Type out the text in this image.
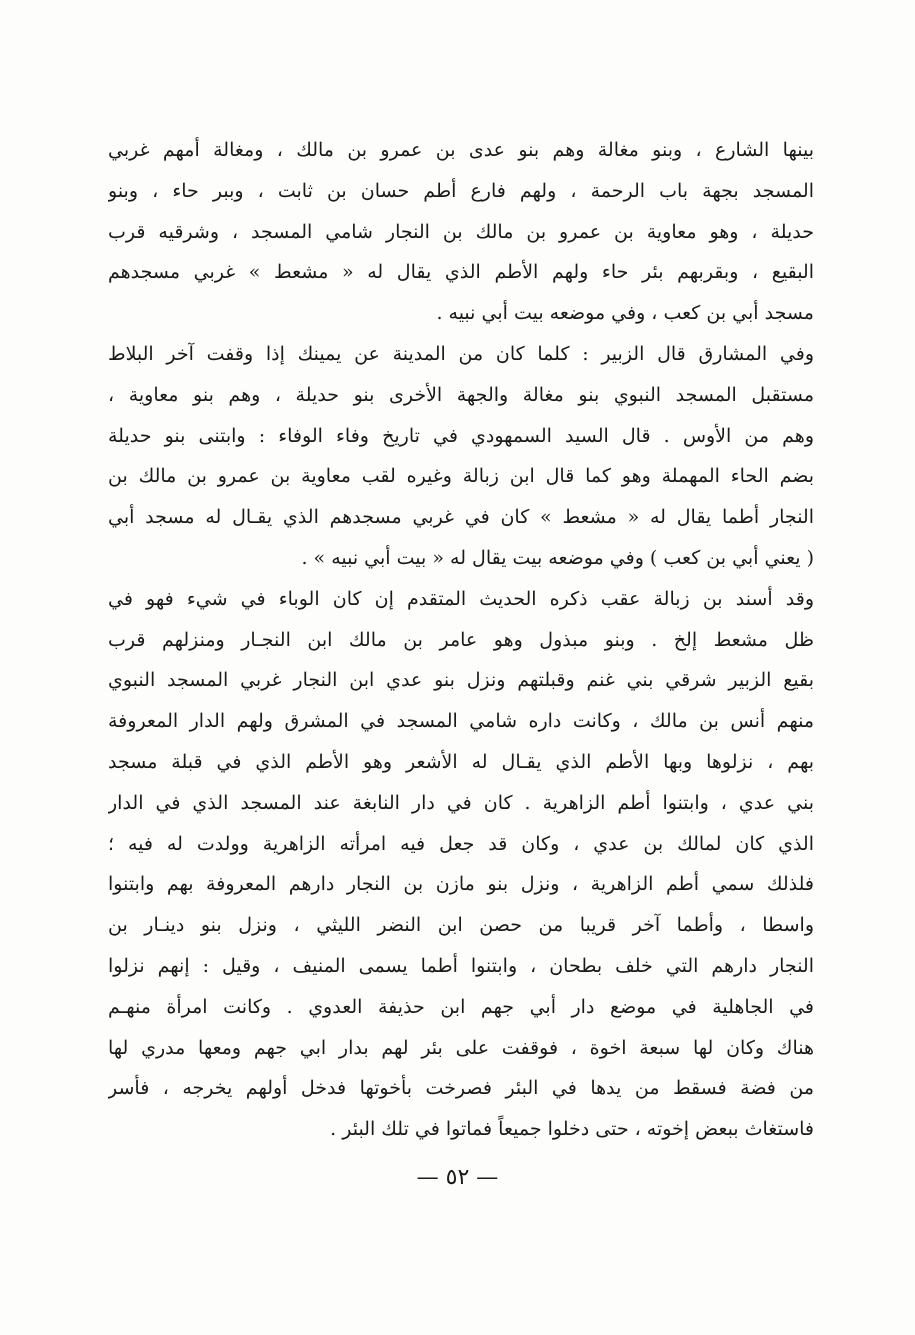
بينها الشارع ، وبنو مغالة وهم بنو عدى بن عمرو بن مالك ، ومغالة أمهم غربي
المسجد بجهة باب الرحمة ، ولهم فارع أطم حسان بن ثابت ، وببر حاء ، وبنو
حديلة ، وهو معاوية بن عمرو بن مالك بن النجار شامي المسجد ، وشرقيه قرب
البقيع ، وبقربهم بئر حاء ولهم الأطم الذي يقال له « مشعط » غربي مسجدهم
مسجد أبي بن كعب ، وفي موضعه بيت أبي نبيه .
وفي المشارق قال الزبير : كلما كان من المدينة عن يمينك إذا وقفت آخر البلاط
مستقبل المسجد النبوي بنو مغالة والجهة الأخرى بنو حديلة ، وهم بنو معاوية ،
وهم من الأوس . قال السيد السمهودي في تاريخ وفاء الوفاء : وابتنى بنو حديلة
بضم الحاء المهملة وهو كما قال ابن زبالة وغيره لقب معاوية بن عمرو بن مالك بن
النجار أطما يقال له « مشعط » كان في غربي مسجدهم الذي يقـال له مسجد أبي
( يعني أبي بن كعب ) وفي موضعه بيت يقال له « بيت أبي نبيه » .
وقد أسند بن زبالة عقب ذكره الحديث المتقدم إن كان الوباء في شيء فهو في
ظل مشعط إلخ . وبنو مبذول وهو عامر بن مالك ابن النجـار ومنزلهم قرب
بقيع الزبير شرقي بني غنم وقبلتهم ونزل بنو عدي ابن النجار غربي المسجد النبوي
منهم أنس بن مالك ، وكانت داره شامي المسجد في المشرق ولهم الدار المعروفة
بهم ، نزلوها وبها الأطم الذي يقـال له الأشعر وهو الأطم الذي في قبلة مسجد
بني عدي ، وابتنوا أطم الزاهرية . كان في دار النابغة عند المسجد الذي في الدار
الذي كان لمالك بن عدي ، وكان قد جعل فيه امرأته الزاهرية وولدت له فيه ؛
فلذلك سمي أطم الزاهرية ، ونزل بنو مازن بن النجار دارهم المعروفة بهم وابتنوا
واسطا ، وأطما آخر قريبا من حصن ابن النضر الليثي ، ونزل بنو دينـار بن
النجار دارهم التي خلف بطحان ، وابتنوا أطما يسمى المنيف ، وقيل : إنهم نزلوا
في الجاهلية في موضع دار أبي جهم ابن حذيفة العدوي . وكانت امرأة منهـم
هناك وكان لها سبعة اخوة ، فوقفت على بئر لهم بدار ابي جهم ومعها مدري لها
من فضة فسقط من يدها في البئر فصرخت بأخوتها فدخل أولهم يخرجه ، فأسر
فاستغاث ببعض إخوته ، حتى دخلوا جميعاً فماتوا في تلك البئر .
— ٥٢ —
